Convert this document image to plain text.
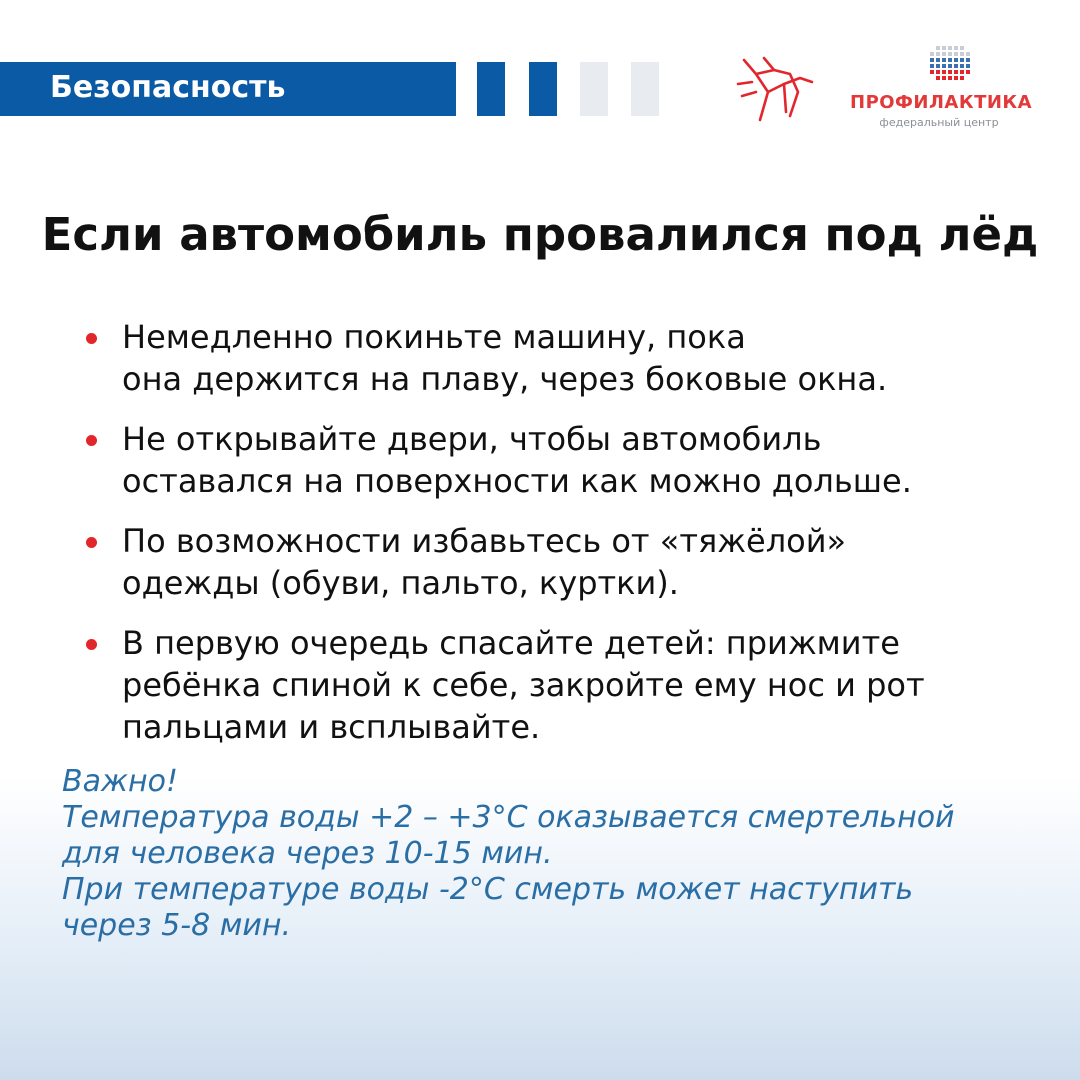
Безопасность	ПРОФИЛАКТИКА
федеральный центр
Если автомобиль провалился под лёд
Немедленно покиньте машину, пока
она держится на плаву, через боковые окна.
Не открывайте двери, чтобы автомобиль
оставался на поверхности как можно дольше.
По возможности избавьтесь от «тяжёлой»
одежды (обуви, пальто, куртки).
В первую очередь спасайте детей: прижмите
ребёнка спиной к себе, закройте ему нос и рот
пальцами и всплывайте.
Важно!
Температура воды +2 – +3°С оказывается смертельной
для человека через 10-15 мин.
При температуре воды -2°С смерть может наступить
через 5-8 мин.
